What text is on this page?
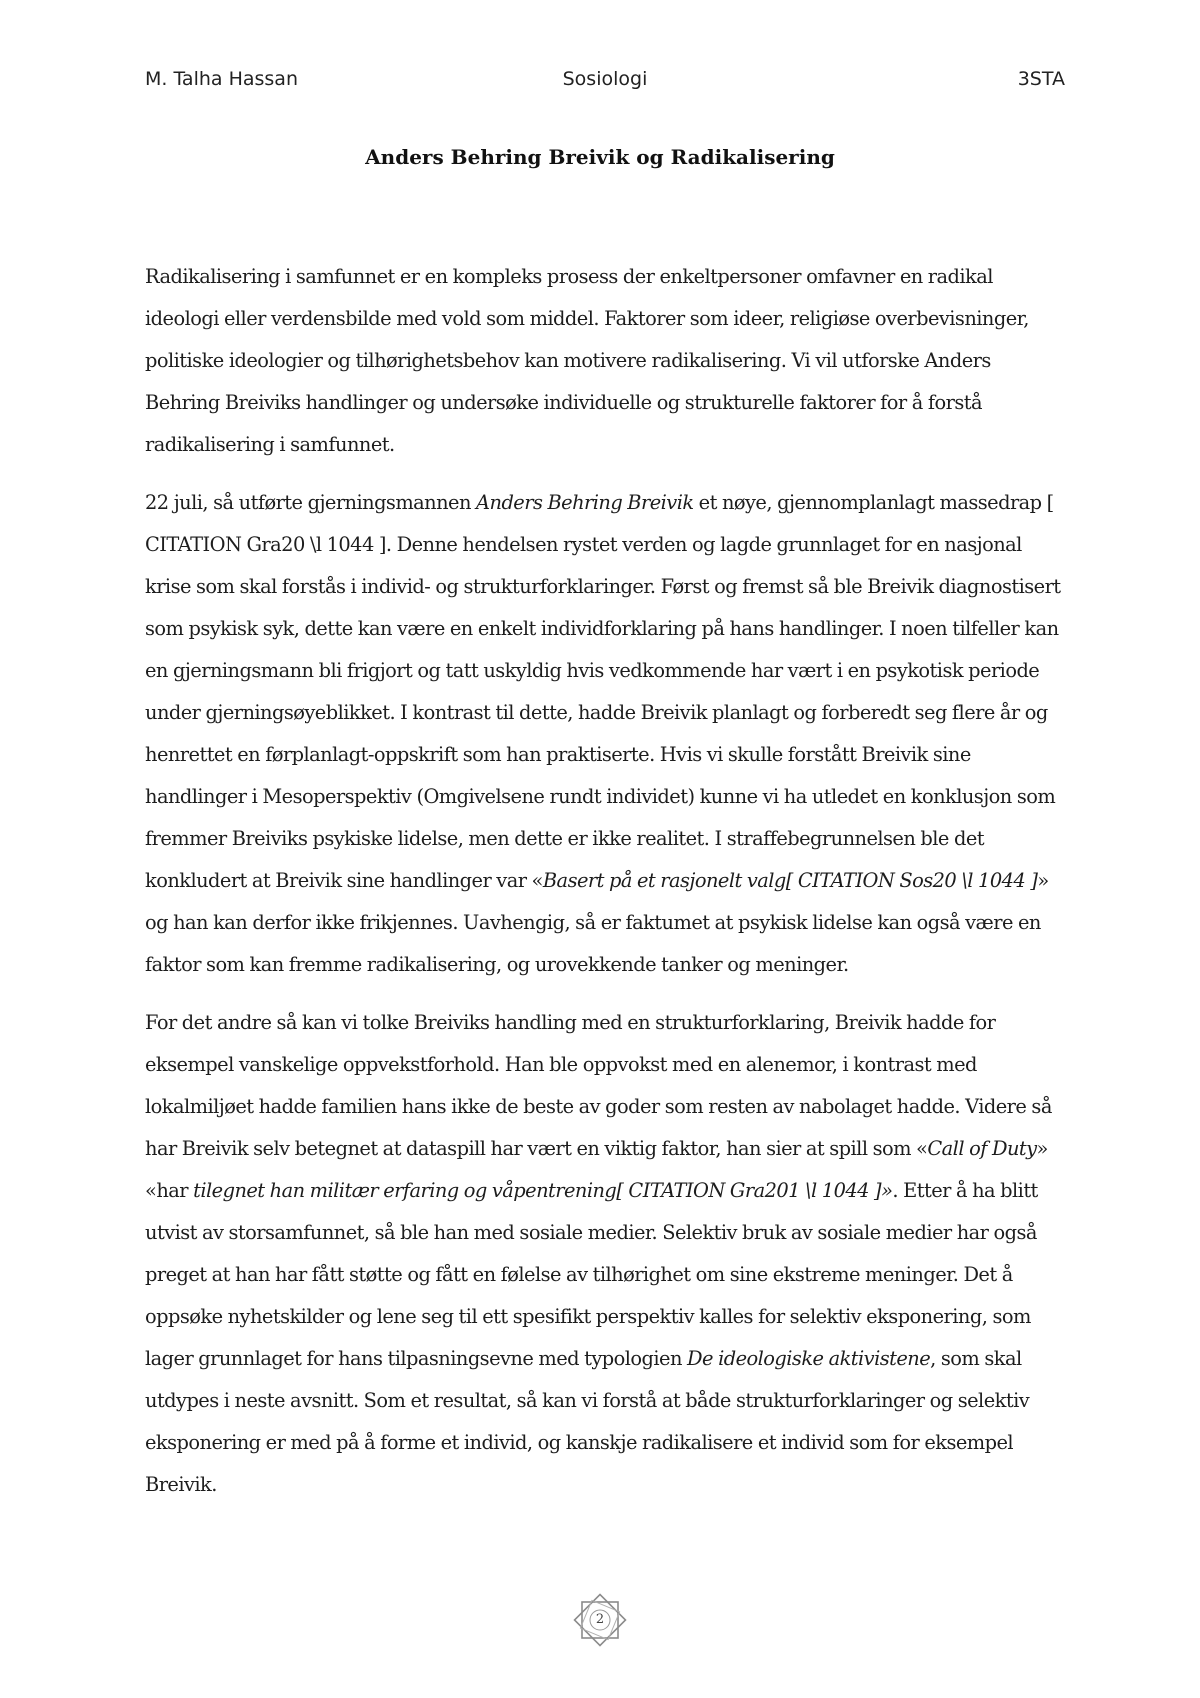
M. Talha Hassan	Sosiologi	3STA
Anders Behring Breivik og Radikalisering

Radikalisering i samfunnet er en kompleks prosess der enkeltpersoner omfavner en radikal ideologi eller verdensbilde med vold som middel. Faktorer som ideer, religiøse overbevisninger, politiske ideologier og tilhørighetsbehov kan motivere radikalisering. Vi vil utforske Anders Behring Breiviks handlinger og undersøke individuelle og strukturelle faktorer for å forstå radikalisering i samfunnet.

22 juli, så utførte gjerningsmannen Anders Behring Breivik et nøye, gjennomplanlagt massedrap [ CITATION Gra20 \l 1044 ]. Denne hendelsen rystet verden og lagde grunnlaget for en nasjonal krise som skal forstås i individ- og strukturforklaringer. Først og fremst så ble Breivik diagnostisert som psykisk syk, dette kan være en enkelt individforklaring på hans handlinger. I noen tilfeller kan en gjerningsmann bli frigjort og tatt uskyldig hvis vedkommende har vært i en psykotisk periode under gjerningsøyeblikket. I kontrast til dette, hadde Breivik planlagt og forberedt seg flere år og henrettet en førplanlagt-oppskrift som han praktiserte. Hvis vi skulle forstått Breivik sine handlinger i Mesoperspektiv (Omgivelsene rundt individet) kunne vi ha utledet en konklusjon som fremmer Breiviks psykiske lidelse, men dette er ikke realitet. I straffebegrunnelsen ble det konkludert at Breivik sine handlinger var «Basert på et rasjonelt valg[ CITATION Sos20 \l 1044 ]» og han kan derfor ikke frikjennes. Uavhengig, så er faktumet at psykisk lidelse kan også være en faktor som kan fremme radikalisering, og urovekkende tanker og meninger.

For det andre så kan vi tolke Breiviks handling med en strukturforklaring, Breivik hadde for eksempel vanskelige oppvekstforhold. Han ble oppvokst med en alenemor, i kontrast med lokalmiljøet hadde familien hans ikke de beste av goder som resten av nabolaget hadde. Videre så har Breivik selv betegnet at dataspill har vært en viktig faktor, han sier at spill som «Call of Duty» «har tilegnet han militær erfaring og våpentrening[ CITATION Gra201 \l 1044 ]». Etter å ha blitt utvist av storsamfunnet, så ble han med sosiale medier. Selektiv bruk av sosiale medier har også preget at han har fått støtte og fått en følelse av tilhørighet om sine ekstreme meninger. Det å oppsøke nyhetskilder og lene seg til ett spesifikt perspektiv kalles for selektiv eksponering, som lager grunnlaget for hans tilpasningsevne med typologien De ideologiske aktivistene, som skal utdypes i neste avsnitt. Som et resultat, så kan vi forstå at både strukturforklaringer og selektiv eksponering er med på å forme et individ, og kanskje radikalisere et individ som for eksempel Breivik.

2
